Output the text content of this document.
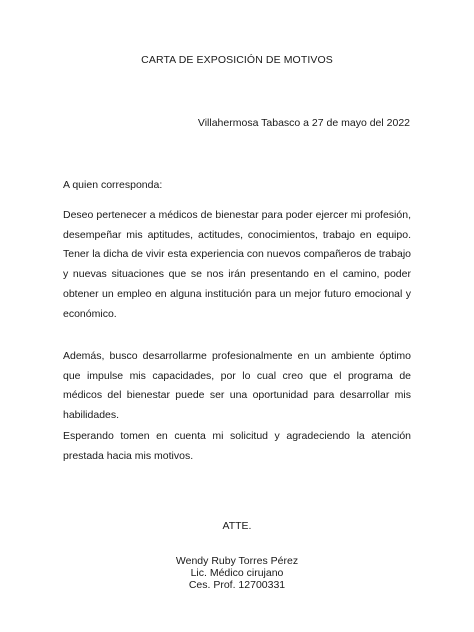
CARTA DE EXPOSICIÓN DE MOTIVOS
Villahermosa Tabasco a 27 de mayo del 2022
A quien corresponda:
Deseo pertenecer a médicos de bienestar para poder ejercer mi profesión, desempeñar mis aptitudes, actitudes, conocimientos, trabajo en equipo. Tener la dicha de vivir esta experiencia con nuevos compañeros de trabajo y nuevas situaciones que se nos irán presentando en el camino, poder obtener un empleo en alguna institución para un mejor futuro emocional y económico.
Además, busco desarrollarme profesionalmente en un ambiente óptimo que impulse mis capacidades, por lo cual creo que el programa de médicos del bienestar puede ser una oportunidad para desarrollar mis habilidades.
Esperando tomen en cuenta mi solicitud y agradeciendo la atención prestada hacia mis motivos.
ATTE.
Wendy Ruby Torres Pérez
Lic. Médico cirujano
Ces. Prof. 12700331
